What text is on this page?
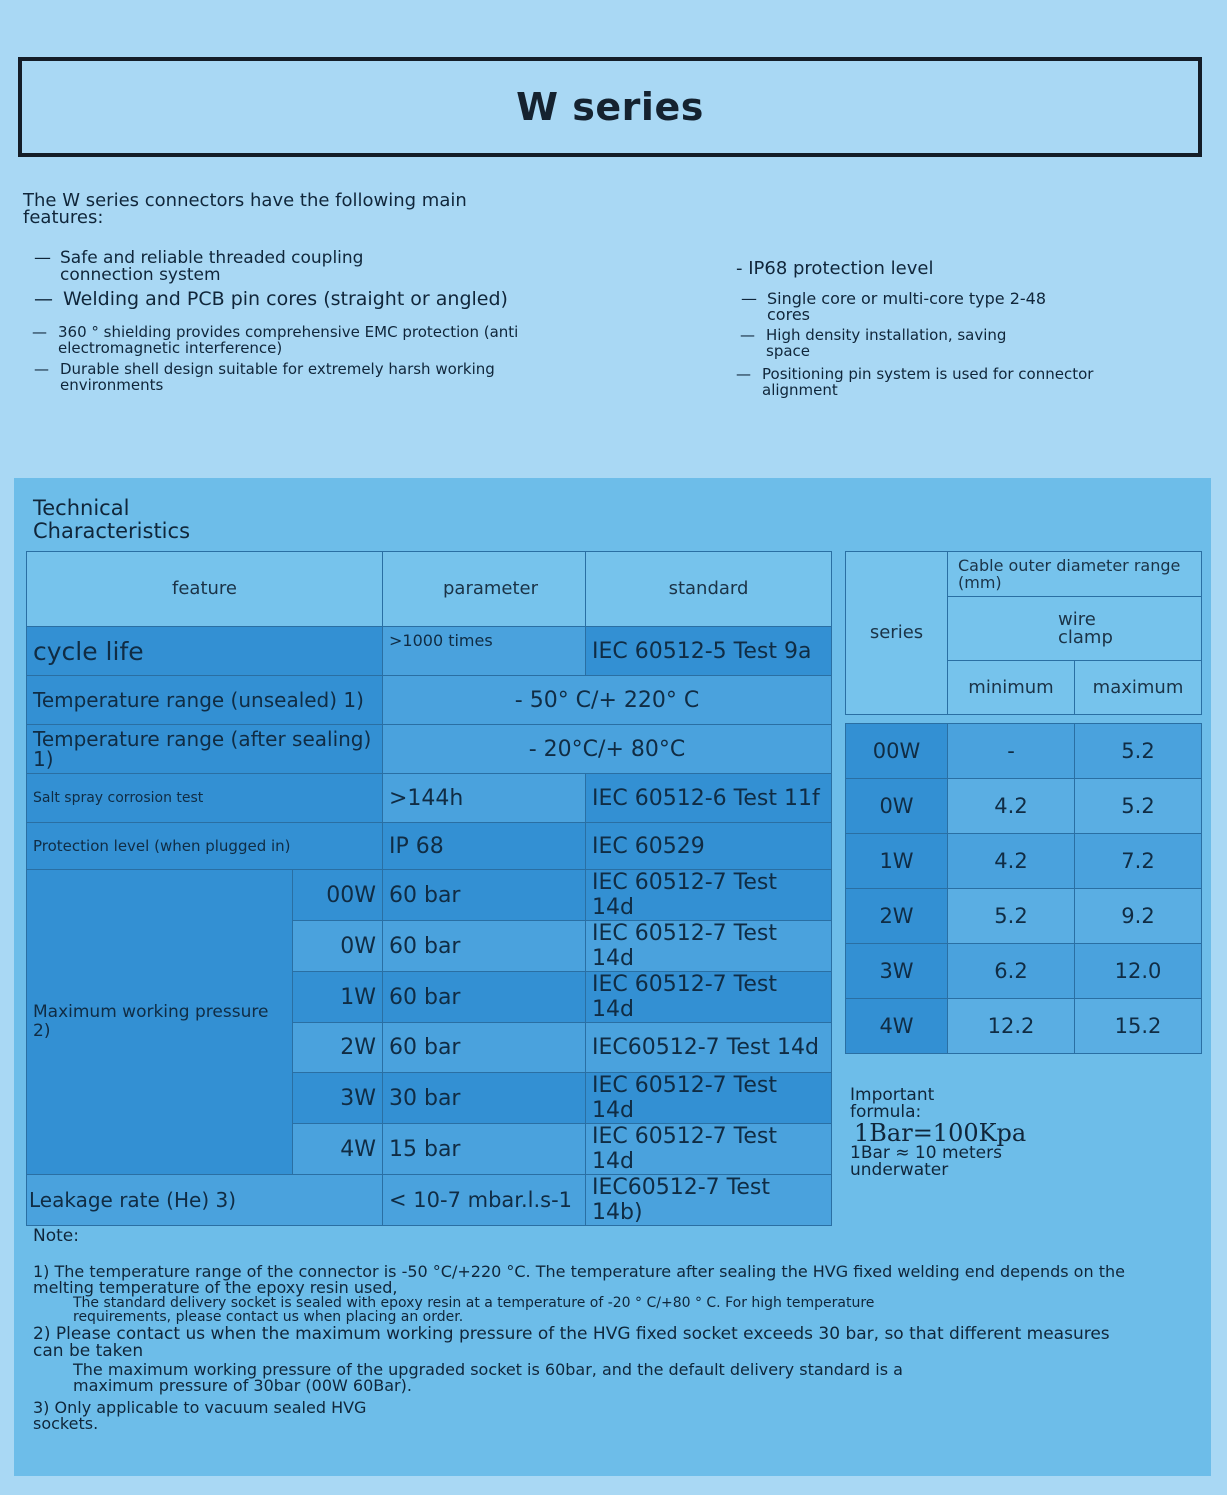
W series
The W series connectors have the following main features:
— Safe and reliable threaded coupling connection system
— Welding and PCB pin cores (straight or angled)
— 360 ° shielding provides comprehensive EMC protection (anti electromagnetic interference)
— Durable shell design suitable for extremely harsh working environments
- IP68 protection level
— Single core or multi-core type 2-48 cores
— High density installation, saving space
— Positioning pin system is used for connector alignment
Technical Characteristics
feature		parameter	standard
cycle life		>1000 times	IEC 60512-5 Test 9a
Temperature range (unsealed) 1)		- 50° C/+ 220° C	
Temperature range (after sealing) 1)		- 20°C/+ 80°C	
Salt spray corrosion test		>144h	IEC 60512-6 Test 11f
Protection level (when plugged in)		IP 68	IEC 60529
Maximum working pressure 2)	00W	60 bar	IEC 60512-7 Test 14d
	0W	60 bar	IEC 60512-7 Test 14d
	1W	60 bar	IEC 60512-7 Test 14d
	2W	60 bar	IEC60512-7 Test 14d
	3W	30 bar	IEC 60512-7 Test 14d
	4W	15 bar	IEC 60512-7 Test 14d
Leakage rate (He) 3)		< 10-7 mbar.l.s-1	IEC60512-7 Test 14b)
series	Cable outer diameter range (mm)	
	wire clamp	
	minimum	maximum

00W	-	5.2
0W	4.2	5.2
1W	4.2	7.2
2W	5.2	9.2
3W	6.2	12.0
4W	12.2	15.2
Important formula:
1Bar=100Kpa
1Bar ≈ 10 meters underwater

Note:

1) The temperature range of the connector is -50 °C/+220 °C. The temperature after sealing the HVG fixed welding end depends on the melting temperature of the epoxy resin used,

The standard delivery socket is sealed with epoxy resin at a temperature of -20 ° C/+80 ° C. For high temperature requirements, please contact us when placing an order.

2) Please contact us when the maximum working pressure of the HVG fixed socket exceeds 30 bar, so that different measures can be taken

The maximum working pressure of the upgraded socket is 60bar, and the default delivery standard is a maximum pressure of 30bar (00W 60Bar).

3) Only applicable to vacuum sealed HVG sockets.
